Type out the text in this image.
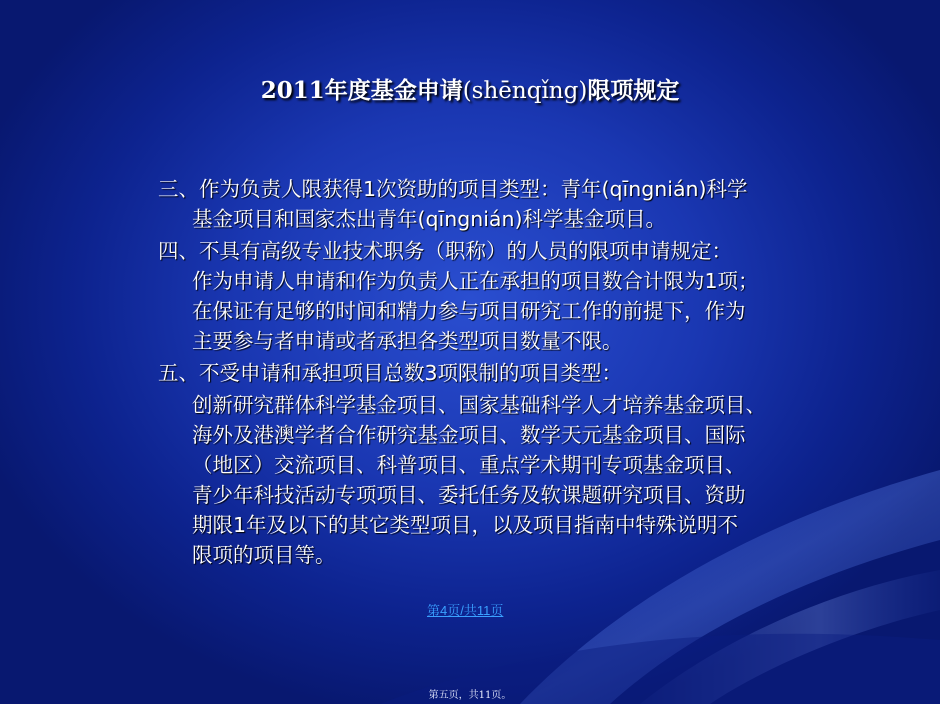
2011年度基金申请(shēnqǐng)限项规定
三、作为负责人限获得1次资助的项目类型：青年(qīngnián)科学
基金项目和国家杰出青年(qīngnián)科学基金项目。
四、不具有高级专业技术职务（职称）的人员的限项申请规定：
作为申请人申请和作为负责人正在承担的项目数合计限为1项；
在保证有足够的时间和精力参与项目研究工作的前提下，作为
主要参与者申请或者承担各类型项目数量不限。
五、不受申请和承担项目总数3项限制的项目类型：
创新研究群体科学基金项目、国家基础科学人才培养基金项目、
海外及港澳学者合作研究基金项目、数学天元基金项目、国际
（地区）交流项目、科普项目、重点学术期刊专项基金项目、
青少年科技活动专项项目、委托任务及软课题研究项目、资助
期限1年及以下的其它类型项目，以及项目指南中特殊说明不
限项的项目等。
第4页/共11页
第五页，共11页。
